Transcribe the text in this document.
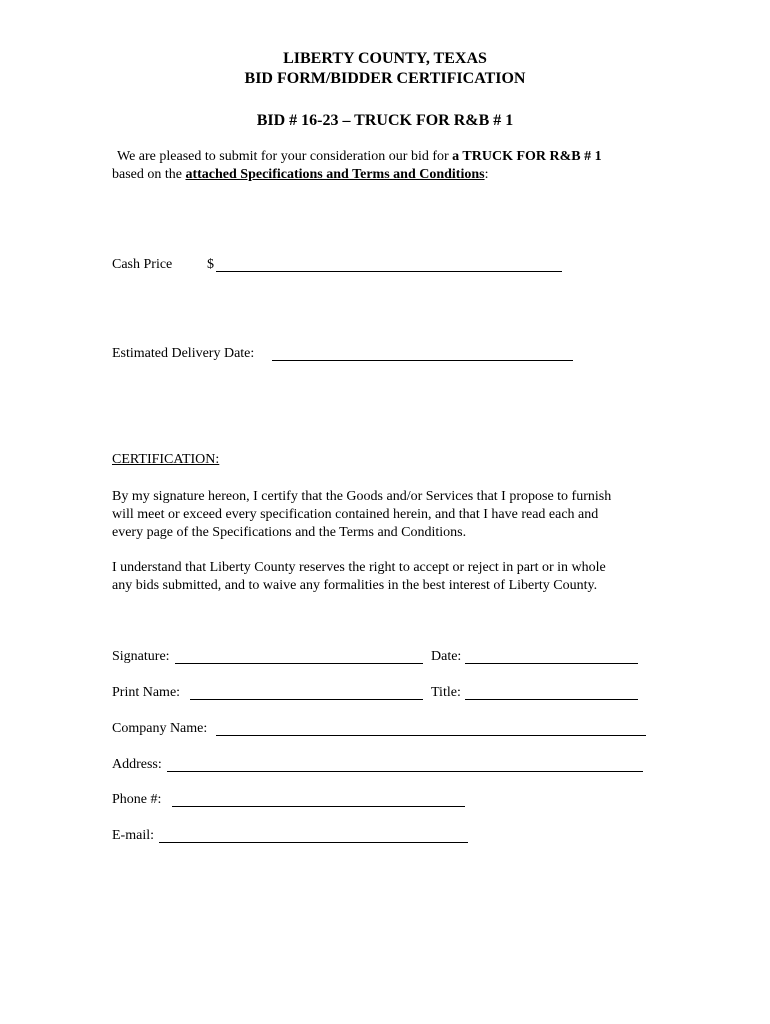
LIBERTY COUNTY, TEXAS
BID FORM/BIDDER CERTIFICATION
BID # 16-23 – TRUCK FOR R&B # 1
We are pleased to submit for your consideration our bid for a TRUCK FOR R&B # 1
based on the attached Specifications and Terms and Conditions:
Cash Price $
Estimated Delivery Date:
CERTIFICATION:
By my signature hereon, I certify that the Goods and/or Services that I propose to furnish
will meet or exceed every specification contained herein, and that I have read each and
every page of the Specifications and the Terms and Conditions.
I understand that Liberty County reserves the right to accept or reject in part or in whole
any bids submitted, and to waive any formalities in the best interest of Liberty County.
Signature:	Date:
Print Name:	Title:
Company Name:
Address:
Phone #:
E-mail:
